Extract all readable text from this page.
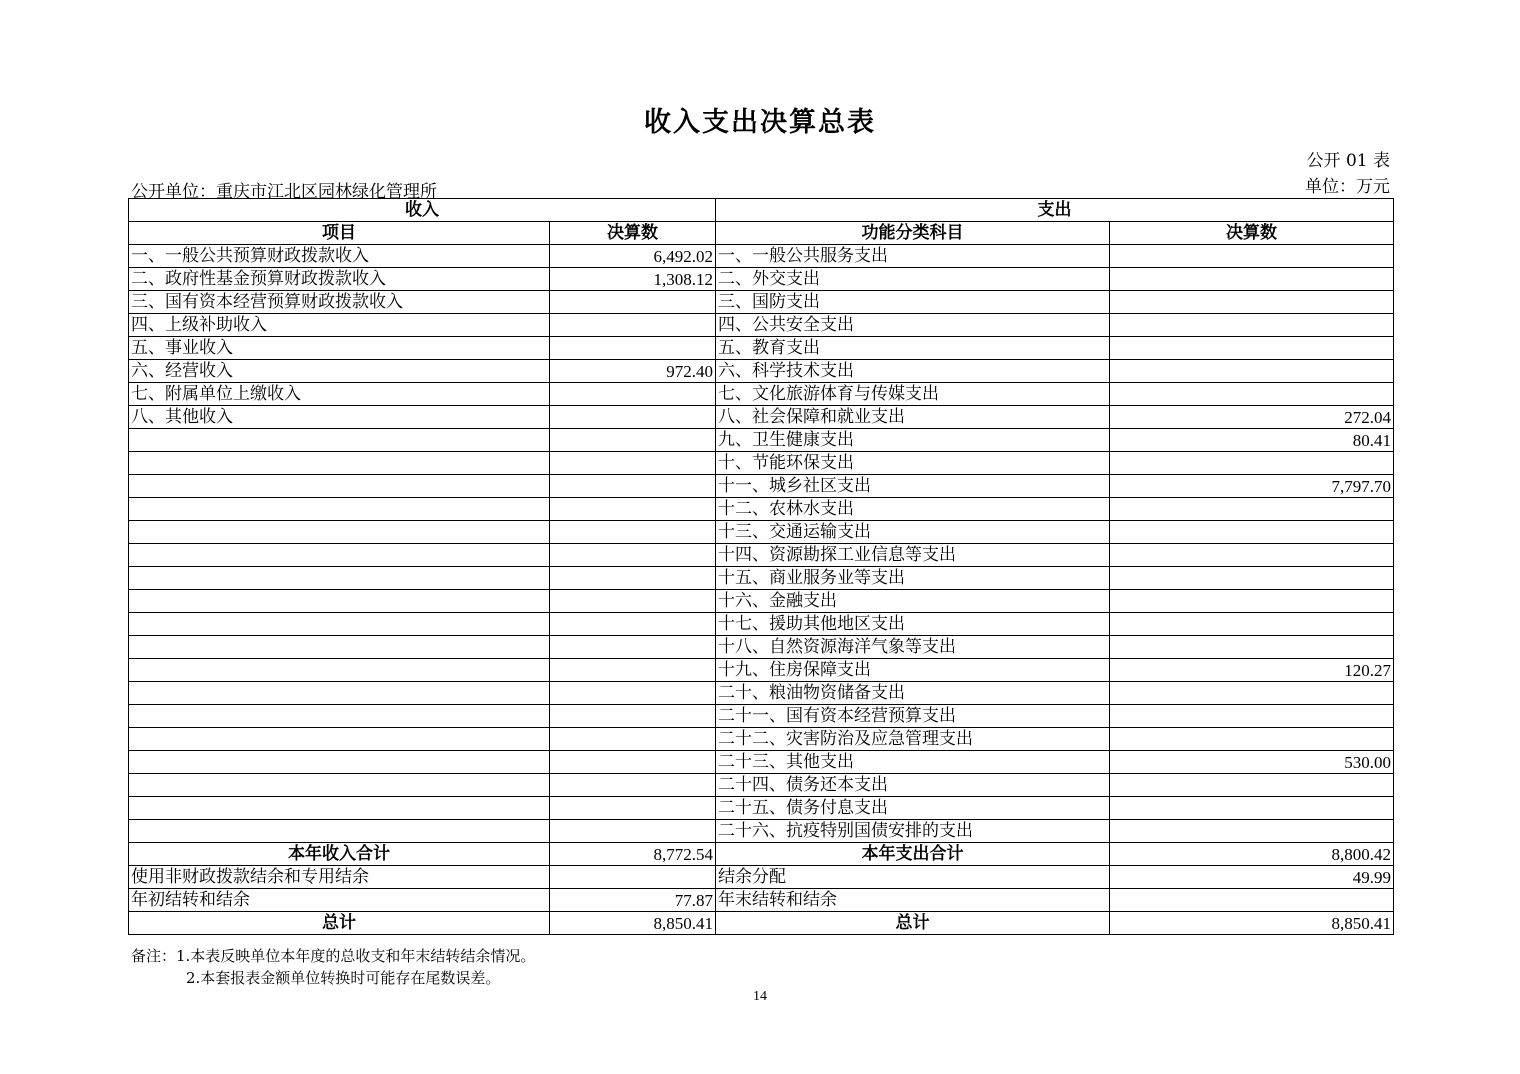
收入支出决算总表
公开 01 表
单位：万元
公开单位：重庆市江北区园林绿化管理所
收入		支出	
项目	决算数	功能分类科目	决算数
一、一般公共预算财政拨款收入	6,492.02	一、一般公共服务支出	
二、政府性基金预算财政拨款收入	1,308.12	二、外交支出	
三、国有资本经营预算财政拨款收入		三、国防支出	
四、上级补助收入		四、公共安全支出	
五、事业收入		五、教育支出	
六、经营收入	972.40	六、科学技术支出	
七、附属单位上缴收入		七、文化旅游体育与传媒支出	
八、其他收入		八、社会保障和就业支出	272.04
		九、卫生健康支出	80.41
		十、节能环保支出	
		十一、城乡社区支出	7,797.70
		十二、农林水支出	
		十三、交通运输支出	
		十四、资源勘探工业信息等支出	
		十五、商业服务业等支出	
		十六、金融支出	
		十七、援助其他地区支出	
		十八、自然资源海洋气象等支出	
		十九、住房保障支出	120.27
		二十、粮油物资储备支出	
		二十一、国有资本经营预算支出	
		二十二、灾害防治及应急管理支出	
		二十三、其他支出	530.00
		二十四、债务还本支出	
		二十五、债务付息支出	
		二十六、抗疫特别国债安排的支出	
本年收入合计	8,772.54	本年支出合计	8,800.42
使用非财政拨款结余和专用结余		结余分配	49.99
年初结转和结余	77.87	年末结转和结余	
总计	8,850.41	总计	8,850.41
备注：1.本表反映单位本年度的总收支和年末结转结余情况。
2.本套报表金额单位转换时可能存在尾数误差。
14
